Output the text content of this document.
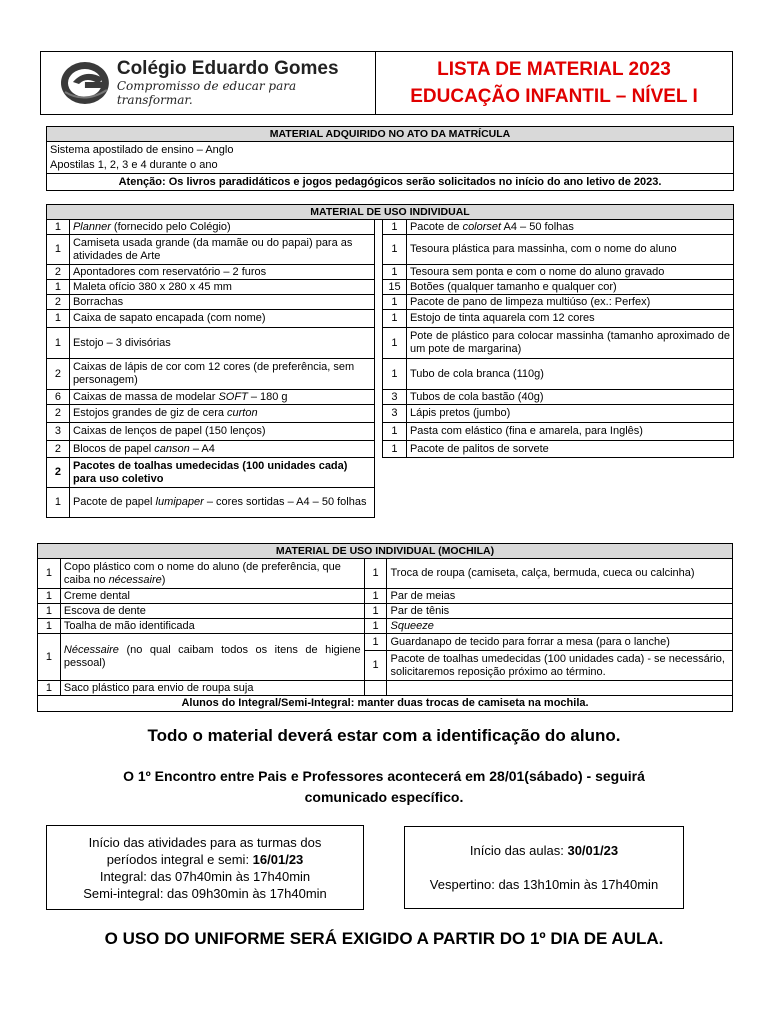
Colégio Eduardo Gomes
Compromisso de educar para transformar.
LISTA DE MATERIAL 2023
EDUCAÇÃO INFANTIL – NÍVEL I
MATERIAL ADQUIRIDO NO ATO DA MATRÍCULA

Sistema apostilado de ensino – Anglo
Apostilas 1, 2, 3 e 4 durante o ano

Atenção: Os livros paradidáticos e jogos pedagógicos serão solicitados no início do ano letivo de 2023.
MATERIAL DE USO INDIVIDUAL				
1	Planner (fornecido pelo Colégio)		1	Pacote de colorset A4 – 50 folhas
1	Camiseta usada grande (da mamãe ou do papai) para as atividades de Arte		1	Tesoura plástica para massinha, com o nome do aluno
2	Apontadores com reservatório – 2 furos		1	Tesoura sem ponta e com o nome do aluno gravado
1	Maleta ofício 380 x 280 x 45 mm		15	Botões (qualquer tamanho e qualquer cor)
2	Borrachas		1	Pacote de pano de limpeza multiúso (ex.: Perfex)
1	Caixa de sapato encapada (com nome)		1	Estojo de tinta aquarela com 12 cores
1	Estojo – 3 divisórias		1	Pote de plástico para colocar massinha (tamanho aproximado de um pote de margarina)
2	Caixas de lápis de cor com 12 cores (de preferência, sem personagem)		1	Tubo de cola branca (110g)
6	Caixas de massa de modelar SOFT – 180 g		3	Tubos de cola bastão (40g)
2	Estojos grandes de giz de cera curton		3	Lápis pretos (jumbo)
3	Caixas de lenços de papel (150 lenços)		1	Pasta com elástico (fina e amarela, para Inglês)
2	Blocos de papel canson – A4		1	Pacote de palitos de sorvete
2	Pacotes de toalhas umedecidas (100 unidades cada) para uso coletivo			
1	Pacote de papel lumipaper – cores sortidas – A4 – 50 folhas			
MATERIAL DE USO INDIVIDUAL (MOCHILA)			
1	Copo plástico com o nome do aluno (de preferência, que caiba no nécessaire)	1	Troca de roupa (camiseta, calça, bermuda, cueca ou calcinha)
1	Creme dental	1	Par de meias
1	Escova de dente	1	Par de tênis
1	Toalha de mão identificada	1	Squeeze
1	Nécessaire (no qual caibam todos os itens de higiene pessoal)	1	Guardanapo de tecido para forrar a mesa (para o lanche)
		1	Pacote de toalhas umedecidas (100 unidades cada) - se necessário, solicitaremos reposição próximo ao término.
1	Saco plástico para envio de roupa suja		
Alunos do Integral/Semi-Integral: manter duas trocas de camiseta na mochila.			
Todo o material deverá estar com a identificação do aluno.
O 1º Encontro entre Pais e Professores acontecerá em 28/01(sábado) - seguirá
comunicado específico.
Início das atividades para as turmas dos
períodos integral e semi: 16/01/23
Integral: das 07h40min às 17h40min
Semi-integral: das 09h30min às 17h40min
Início das aulas: 30/01/23
Vespertino: das 13h10min às 17h40min
O USO DO UNIFORME SERÁ EXIGIDO A PARTIR DO 1º DIA DE AULA.
